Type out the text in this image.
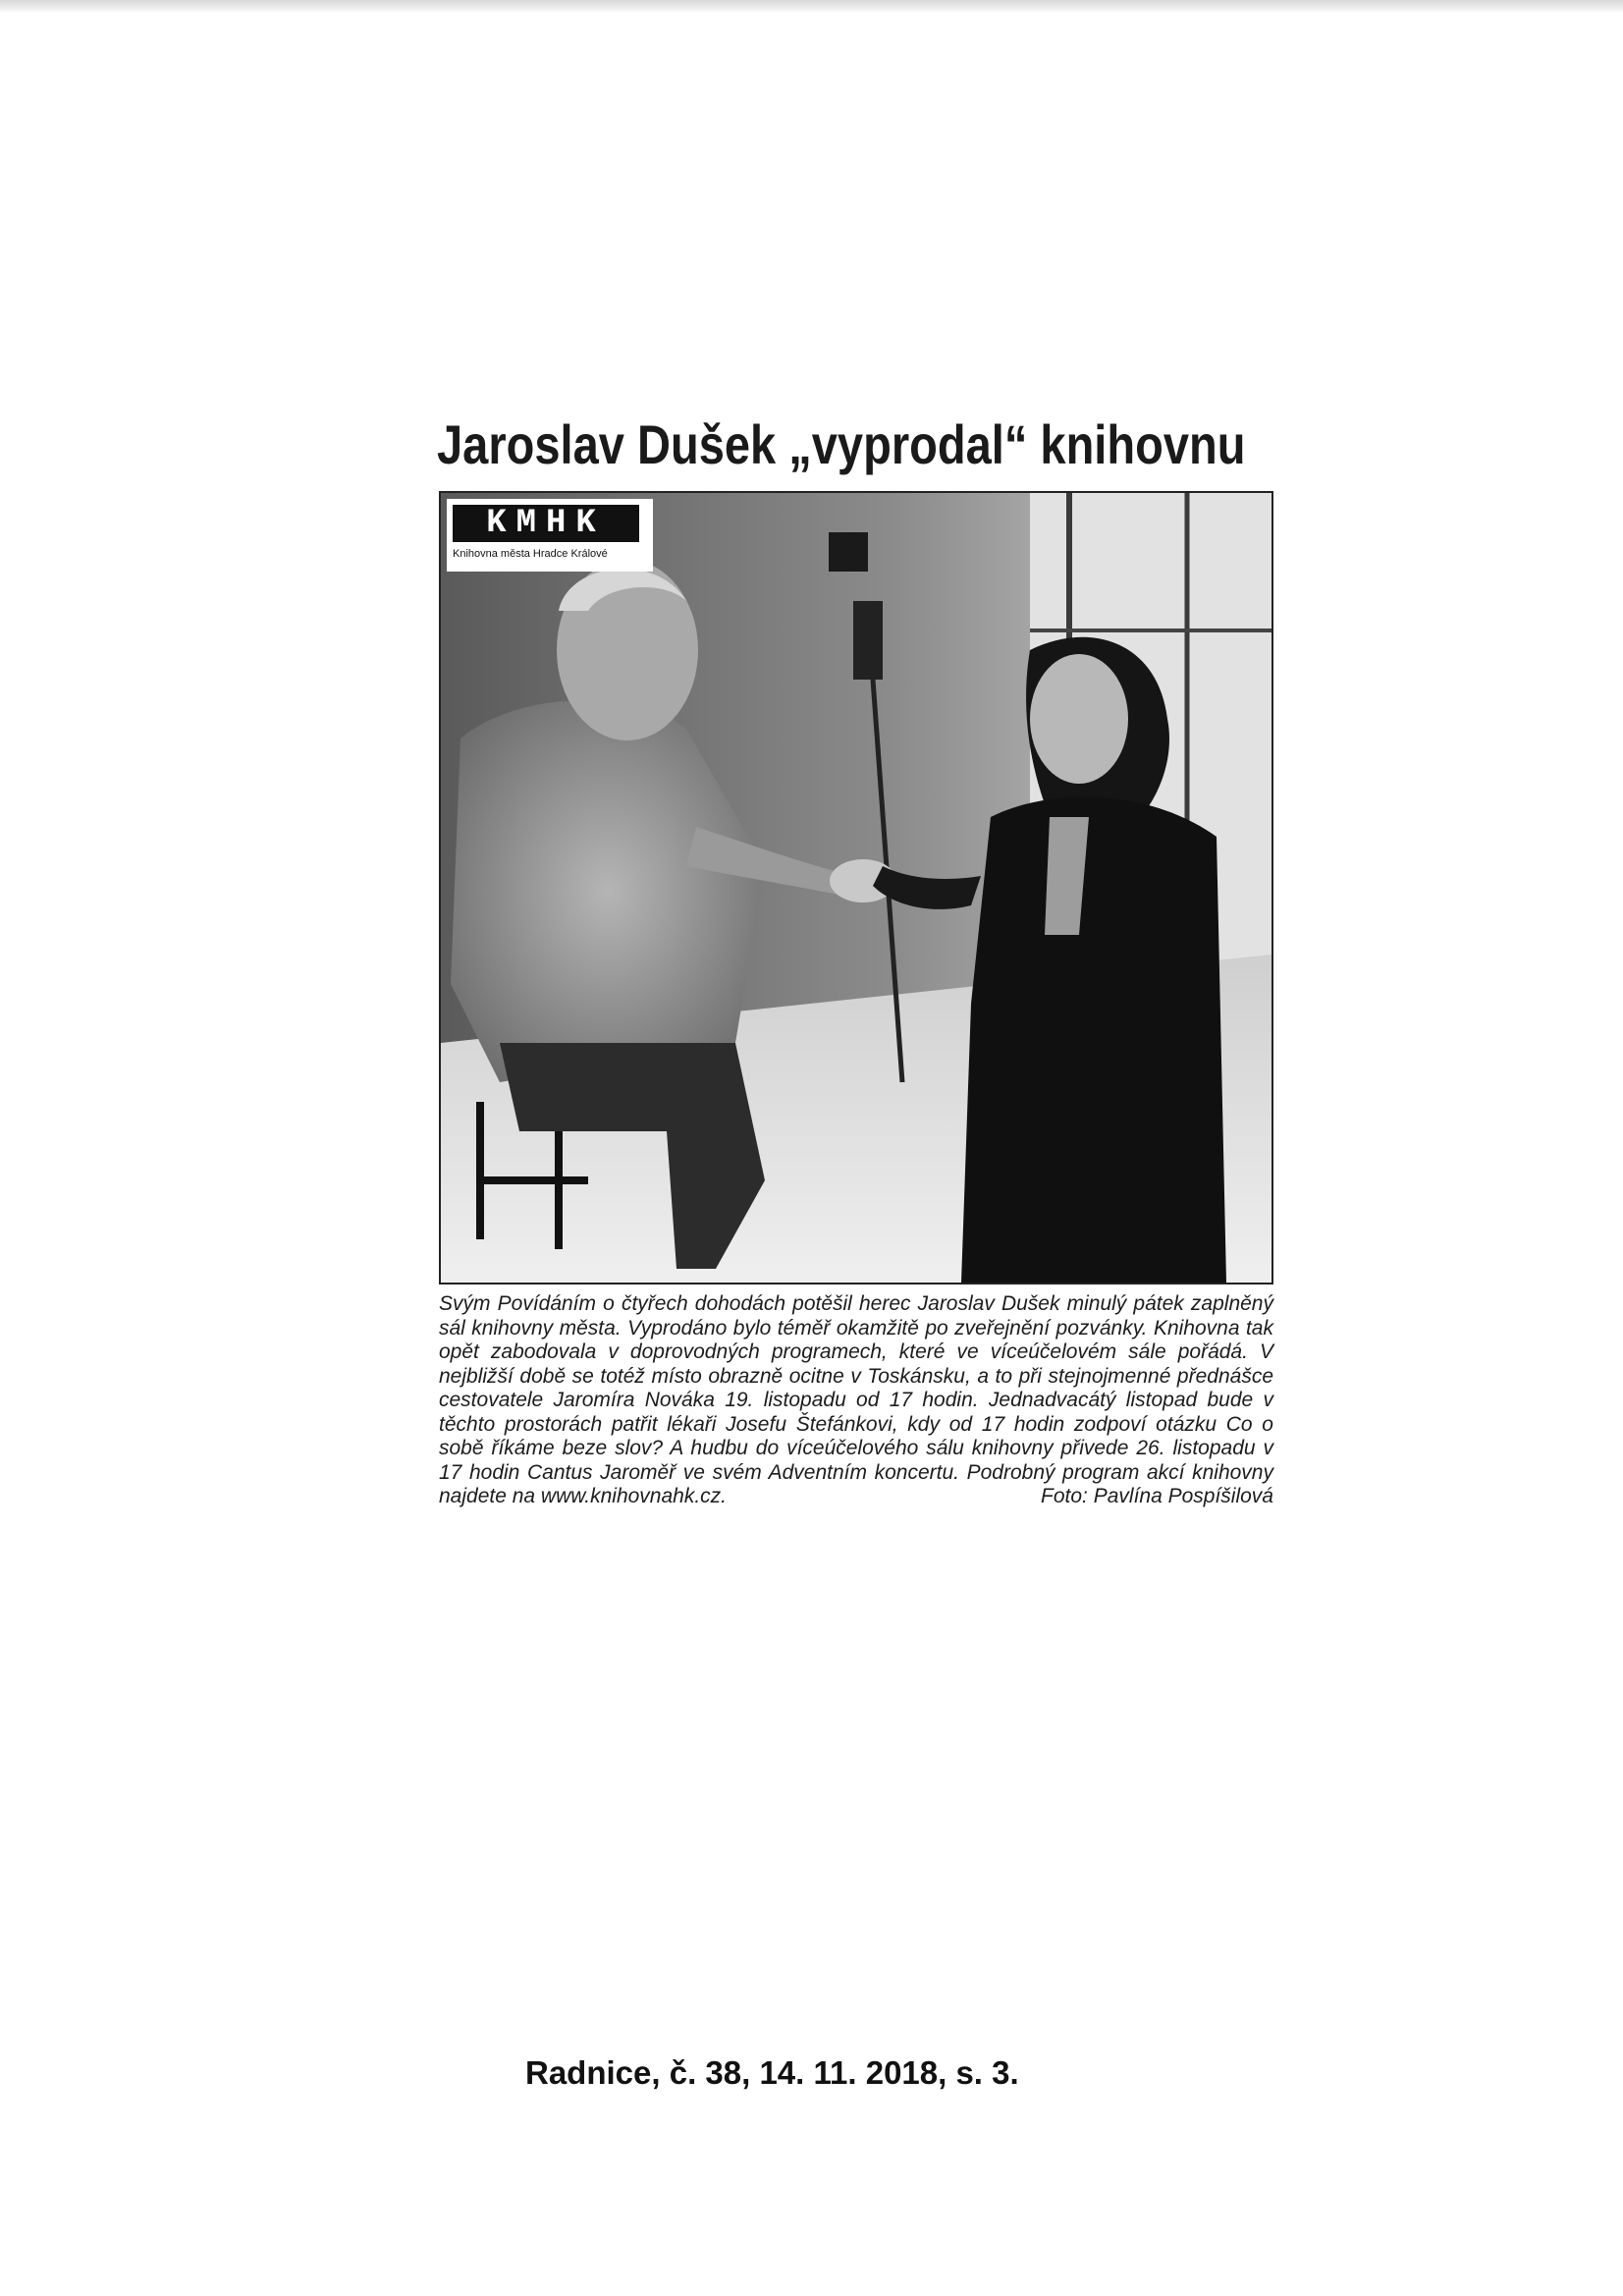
Jaroslav Dušek „vyprodal“ knihovnu
KMHK
Knihovna města Hradce Králové

Svým Povídáním o čtyřech dohodách potěšil herec Jaroslav Dušek minulý pátek zaplněný sál knihovny města. Vyprodáno bylo téměř okamžitě po zveřejnění pozvánky. Knihovna tak opět zabodovala v doprovodných programech, které ve víceúčelovém sále pořádá. V nejbližší době se totéž místo obrazně ocitne v Toskánsku, a to při stejnojmenné přednášce cestovatele Jaromíra Nováka 19. listopadu od 17 hodin. Jednadvacátý listopad bude v těchto prostorách patřit lékaři Josefu Štefánkovi, kdy od 17 hodin zodpoví otázku Co o sobě říkáme beze slov? A hudbu do víceúčelového sálu knihovny přivede 26. listopadu v 17 hodin Cantus Jaroměř ve svém Adventním koncertu. Podrobný program akcí knihovny najdete na www.knihovnahk.cz.	Foto: Pavlína Pospíšilová

Radnice, č. 38, 14. 11. 2018, s. 3.
